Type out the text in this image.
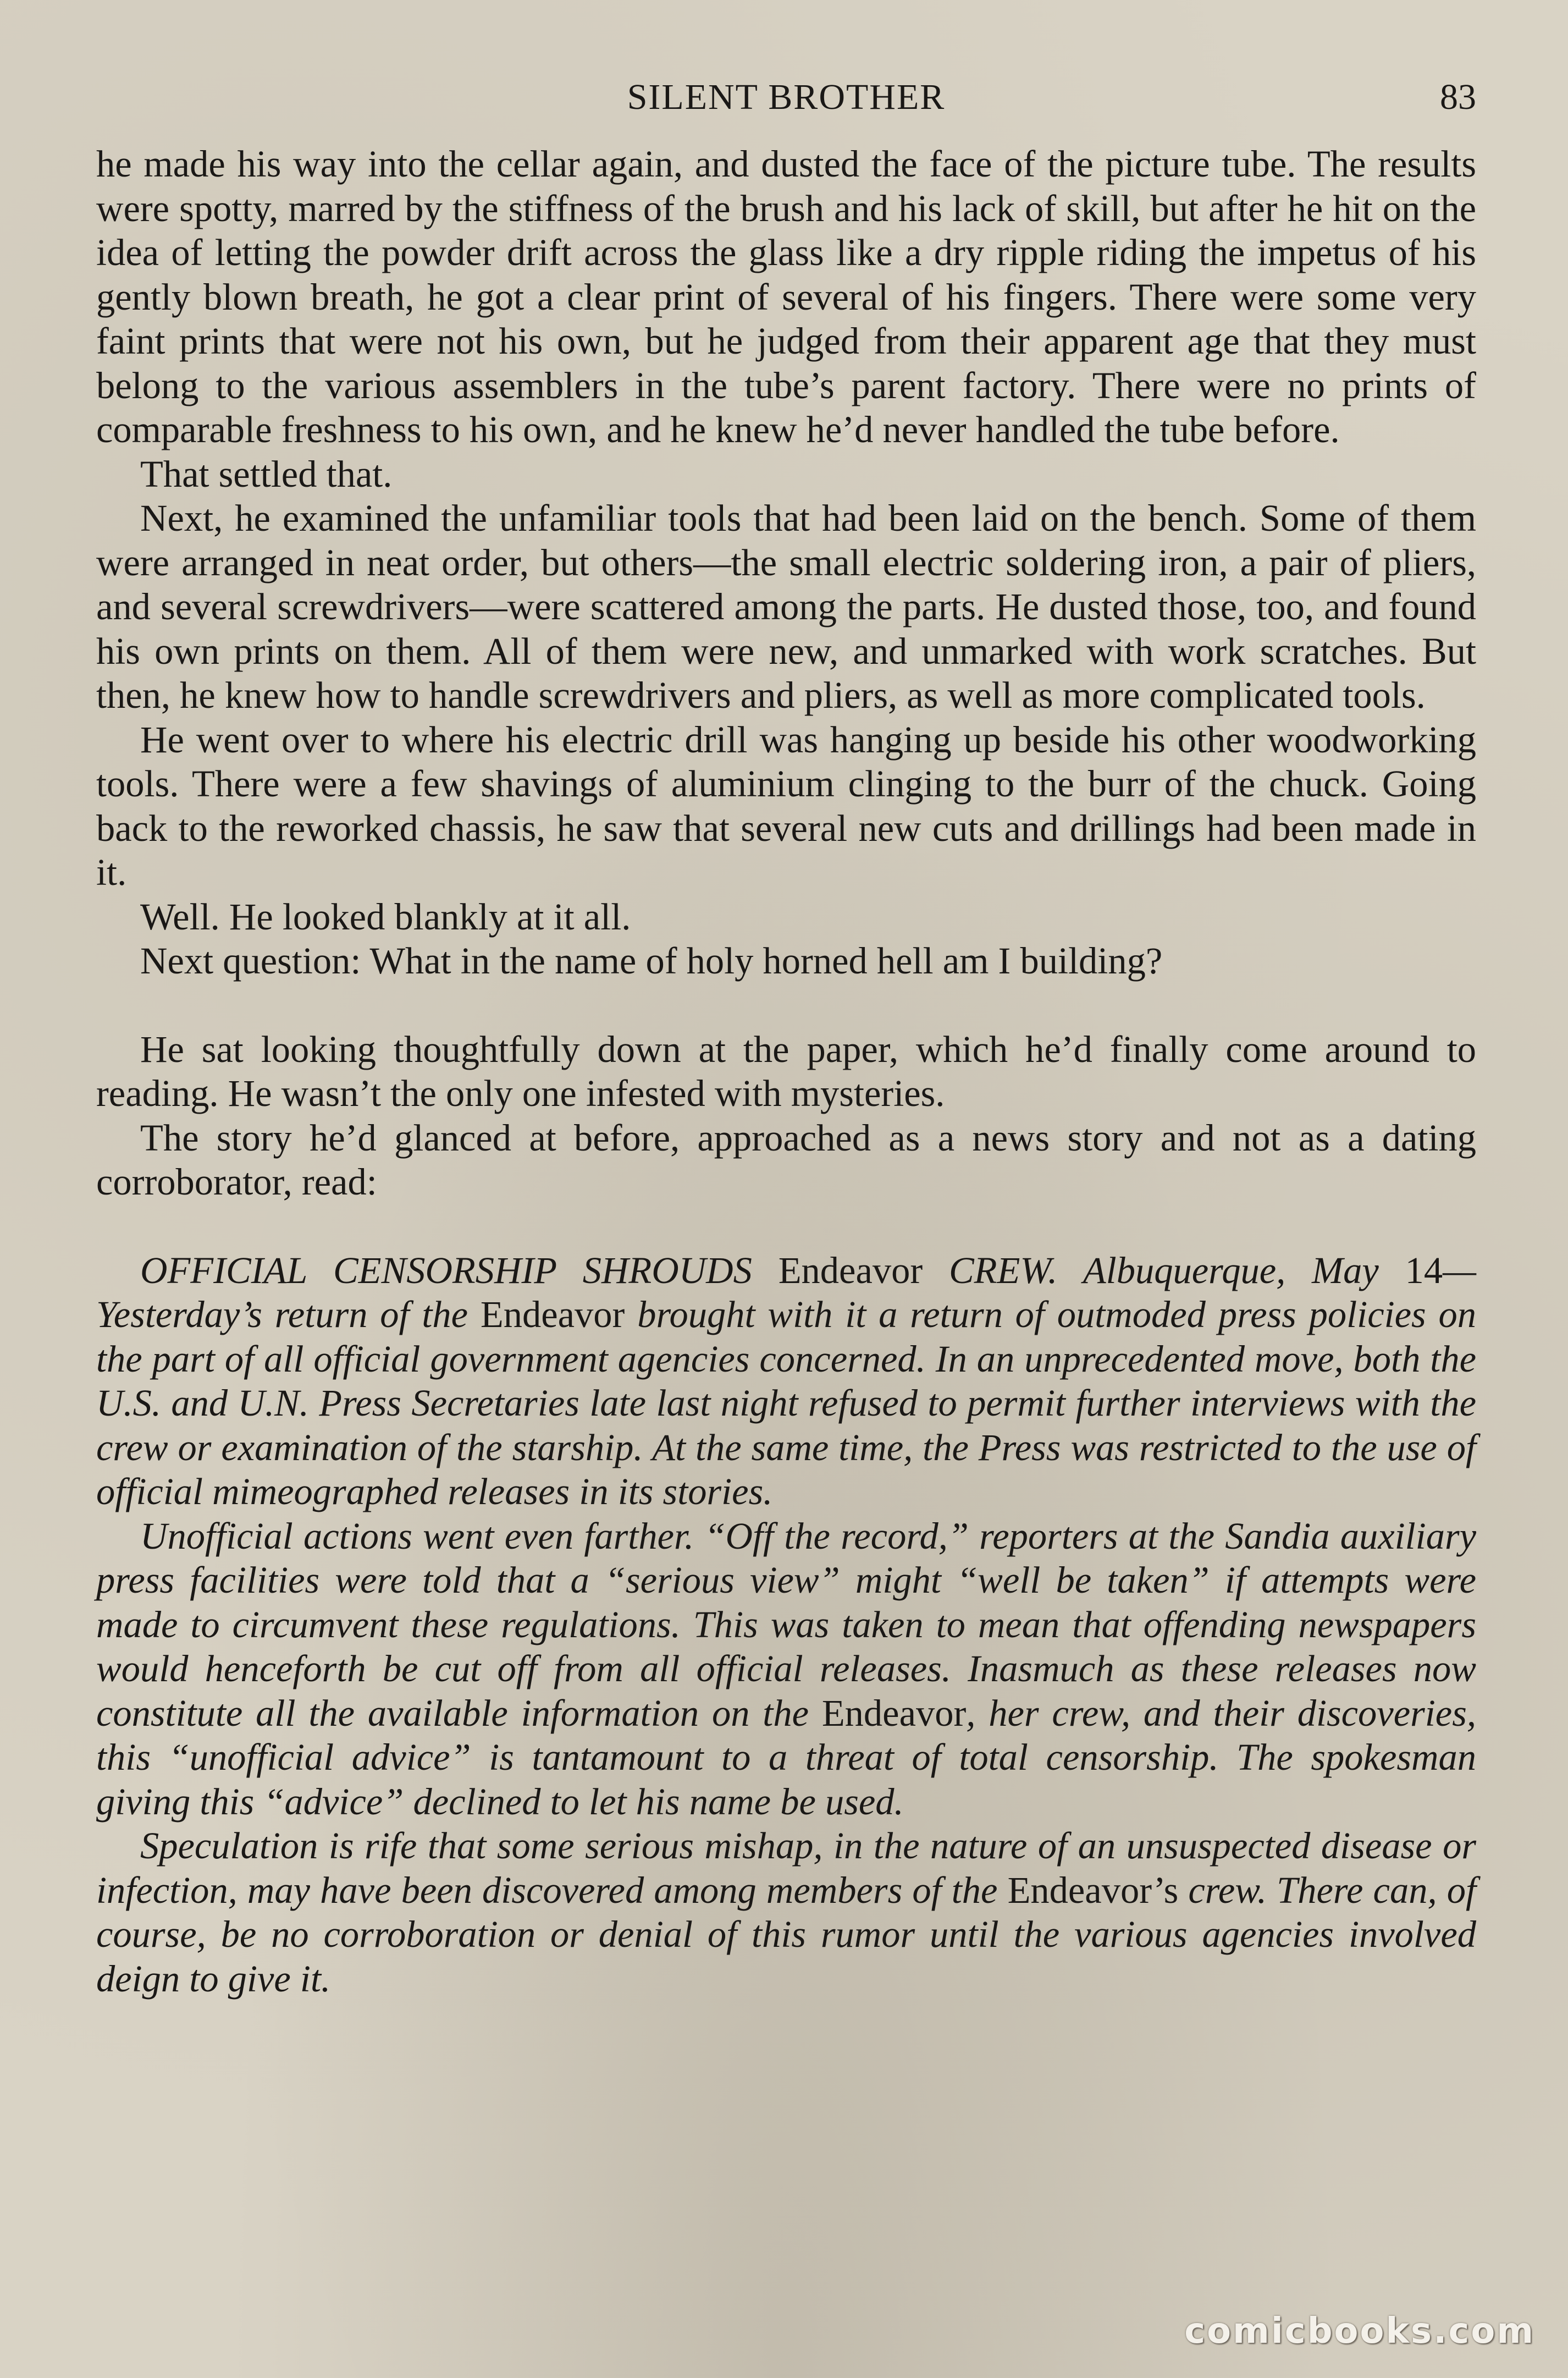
SILENT BROTHER	83

he made his way into the cellar again, and dusted the face of the picture tube. The results were spotty, marred by the stiffness of the brush and his lack of skill, but after he hit on the idea of letting the powder drift across the glass like a dry ripple riding the impetus of his gently blown breath, he got a clear print of several of his fingers. There were some very faint prints that were not his own, but he judged from their apparent age that they must belong to the various assemblers in the tube’s parent factory. There were no prints of comparable freshness to his own, and he knew he’d never handled the tube before.

That settled that.

Next, he examined the unfamiliar tools that had been laid on the bench. Some of them were arranged in neat order, but others—the small electric soldering iron, a pair of pliers, and several screwdrivers—were scattered among the parts. He dusted those, too, and found his own prints on them. All of them were new, and unmarked with work scratches. But then, he knew how to handle screwdrivers and pliers, as well as more complicated tools.

He went over to where his electric drill was hanging up beside his other woodworking tools. There were a few shavings of aluminium clinging to the burr of the chuck. Going back to the reworked chassis, he saw that several new cuts and drillings had been made in it.

Well. He looked blankly at it all.

Next question: What in the name of holy horned hell am I building?

He sat looking thoughtfully down at the paper, which he’d finally come around to reading. He wasn’t the only one infested with mysteries.

The story he’d glanced at before, approached as a news story and not as a dating corroborator, read:

OFFICIAL CENSORSHIP SHROUDS Endeavor CREW. Albuquerque, May 14—Yesterday’s return of the Endeavor brought with it a return of outmoded press policies on the part of all official government agencies concerned. In an unprecedented move, both the U.S. and U.N. Press Secretaries late last night refused to permit further interviews with the crew or examination of the starship. At the same time, the Press was restricted to the use of official mimeographed releases in its stories.

Unofficial actions went even farther. “Off the record,” reporters at the Sandia auxiliary press facilities were told that a “serious view” might “well be taken” if attempts were made to circumvent these regulations. This was taken to mean that offending newspapers would henceforth be cut off from all official releases. Inasmuch as these releases now constitute all the available information on the Endeavor, her crew, and their discoveries, this “unofficial advice” is tantamount to a threat of total censorship. The spokesman giving this “advice” declined to let his name be used.

Speculation is rife that some serious mishap, in the nature of an unsuspected disease or infection, may have been discovered among members of the Endeavor’s crew. There can, of course, be no corroboration or denial of this rumor until the various agencies involved deign to give it.

comicbooks.com
